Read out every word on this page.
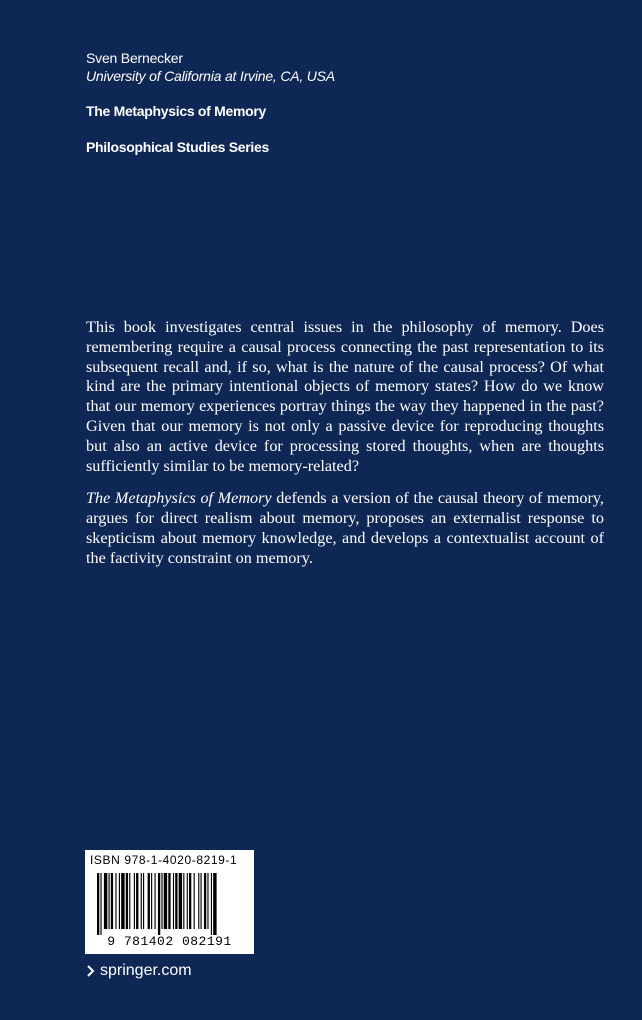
Sven Bernecker
University of California at Irvine, CA, USA
The Metaphysics of Memory
Philosophical Studies Series

This book investigates central issues in the philosophy of memory. Does remembering require a causal process connecting the past representation to its subsequent recall and, if so, what is the nature of the causal process? Of what kind are the primary intentional objects of memory states? How do we know that our memory experiences portray things the way they happened in the past? Given that our memory is not only a passive device for reproducing thoughts but also an active device for processing stored thoughts, when are thoughts sufficiently similar to be memory-related?

The Metaphysics of Memory defends a version of the causal theory of memory, argues for direct realism about memory, proposes an externalist response to skepticism about memory knowledge, and develops a contextualist account of the factivity constraint on memory.

ISBN 978-1-4020-8219-1
9 781402 082191
springer.com
